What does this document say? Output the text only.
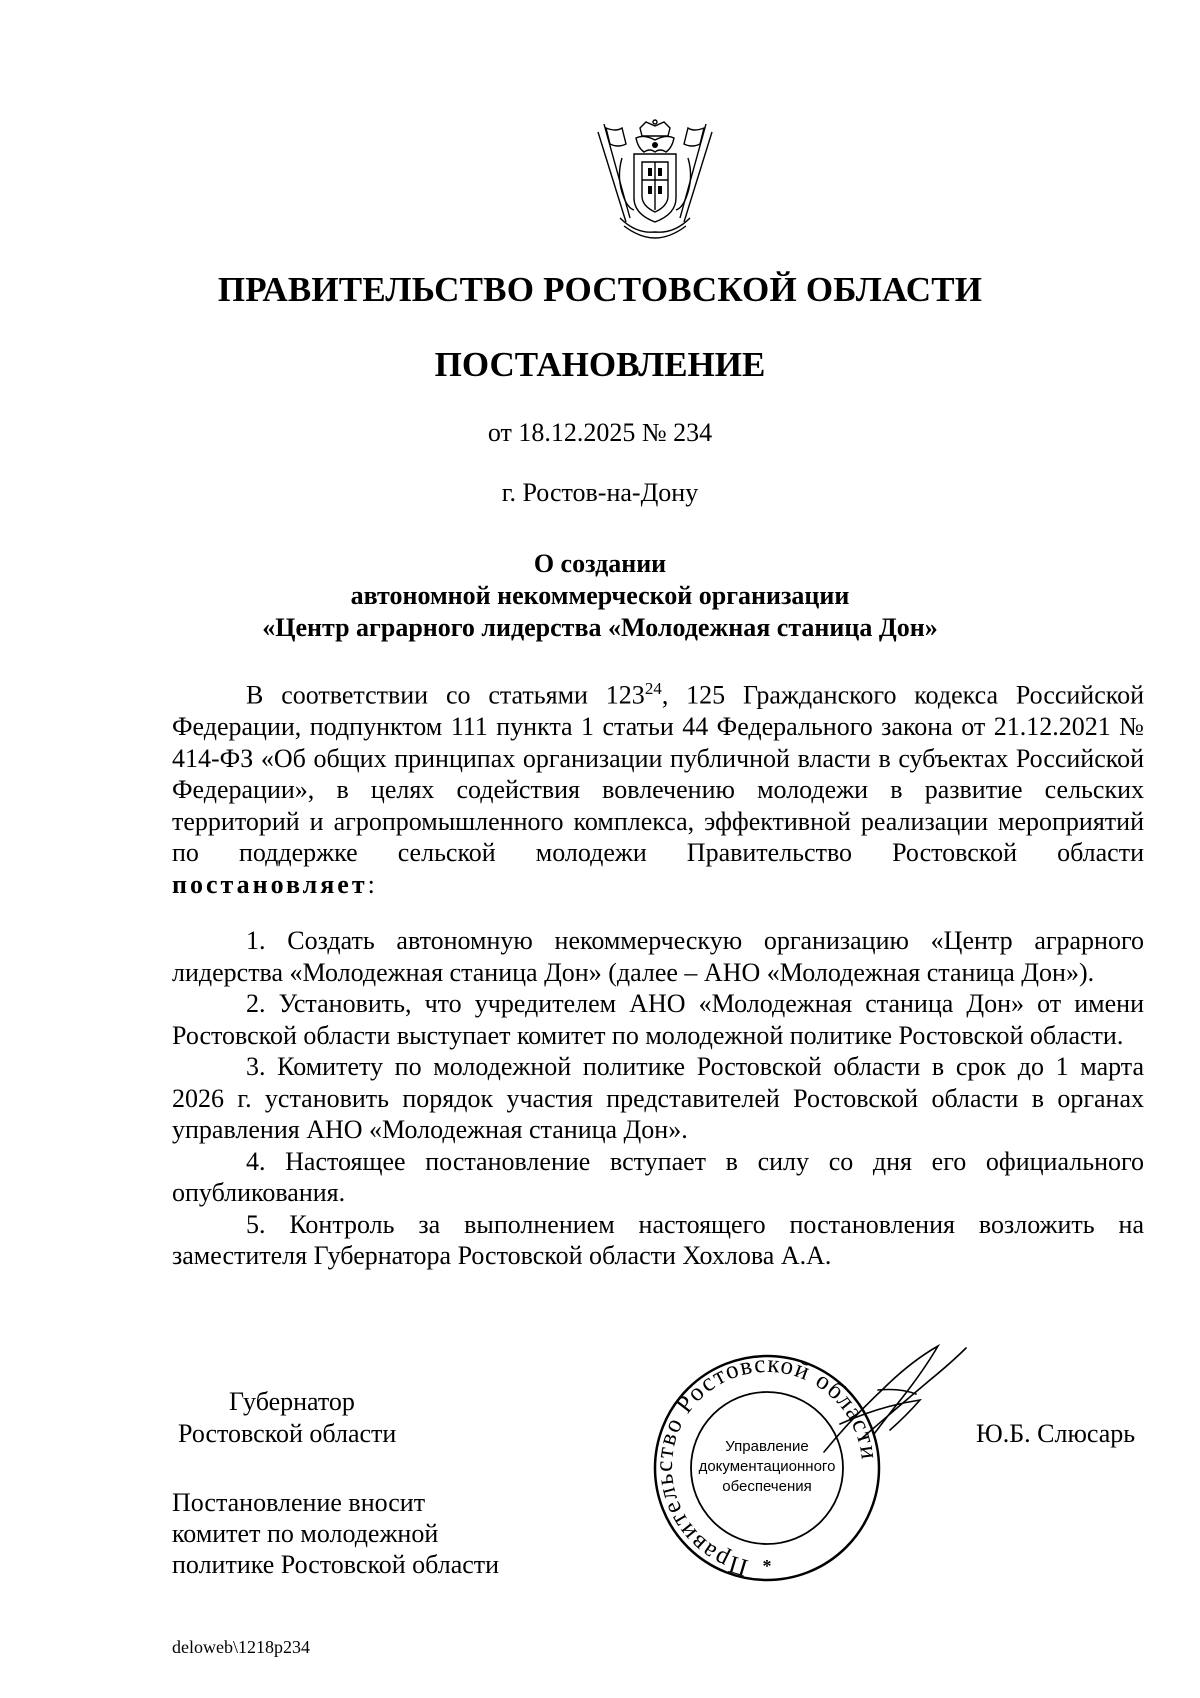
ПРАВИТЕЛЬСТВО РОСТОВСКОЙ ОБЛАСТИ
ПОСТАНОВЛЕНИЕ
от 18.12.2025 № 234
г. Ростов-на-Дону
О создании
автономной некоммерческой организации
«Центр аграрного лидерства «Молодежная станица Дон»

В соответствии со статьями $123^{24}$, 125 Гражданского кодекса Российской Федерации, подпунктом 111 пункта 1 статьи 44 Федерального закона от 21.12.2021 № 414-ФЗ «Об общих принципах организации публичной власти в субъектах Российской Федерации», в целях содействия вовлечению молодежи в развитие сельских территорий и агропромышленного комплекса, эффективной реализации мероприятий по поддержке сельской молодежи Правительство Ростовской области постановляет:

1. Создать автономную некоммерческую организацию «Центр аграрного лидерства «Молодежная станица Дон» (далее – АНО «Молодежная станица Дон»).

2. Установить, что учредителем АНО «Молодежная станица Дон» от имени Ростовской области выступает комитет по молодежной политике Ростовской области.

3. Комитету по молодежной политике Ростовской области в срок до 1 марта 2026 г. установить порядок участия представителей Ростовской области в органах управления АНО «Молодежная станица Дон».

4. Настоящее постановление вступает в силу со дня его официального опубликования.

5. Контроль за выполнением настоящего постановления возложить на заместителя Губернатора Ростовской области Хохлова А.А.

Губернатор
Ростовской области	Ю.Б. Слюсарь
Правительство Ростовской области
Управление
документационного
обеспечения
*
Постановление вносит
комитет по молодежной
политике Ростовской области
deloweb\1218p234
